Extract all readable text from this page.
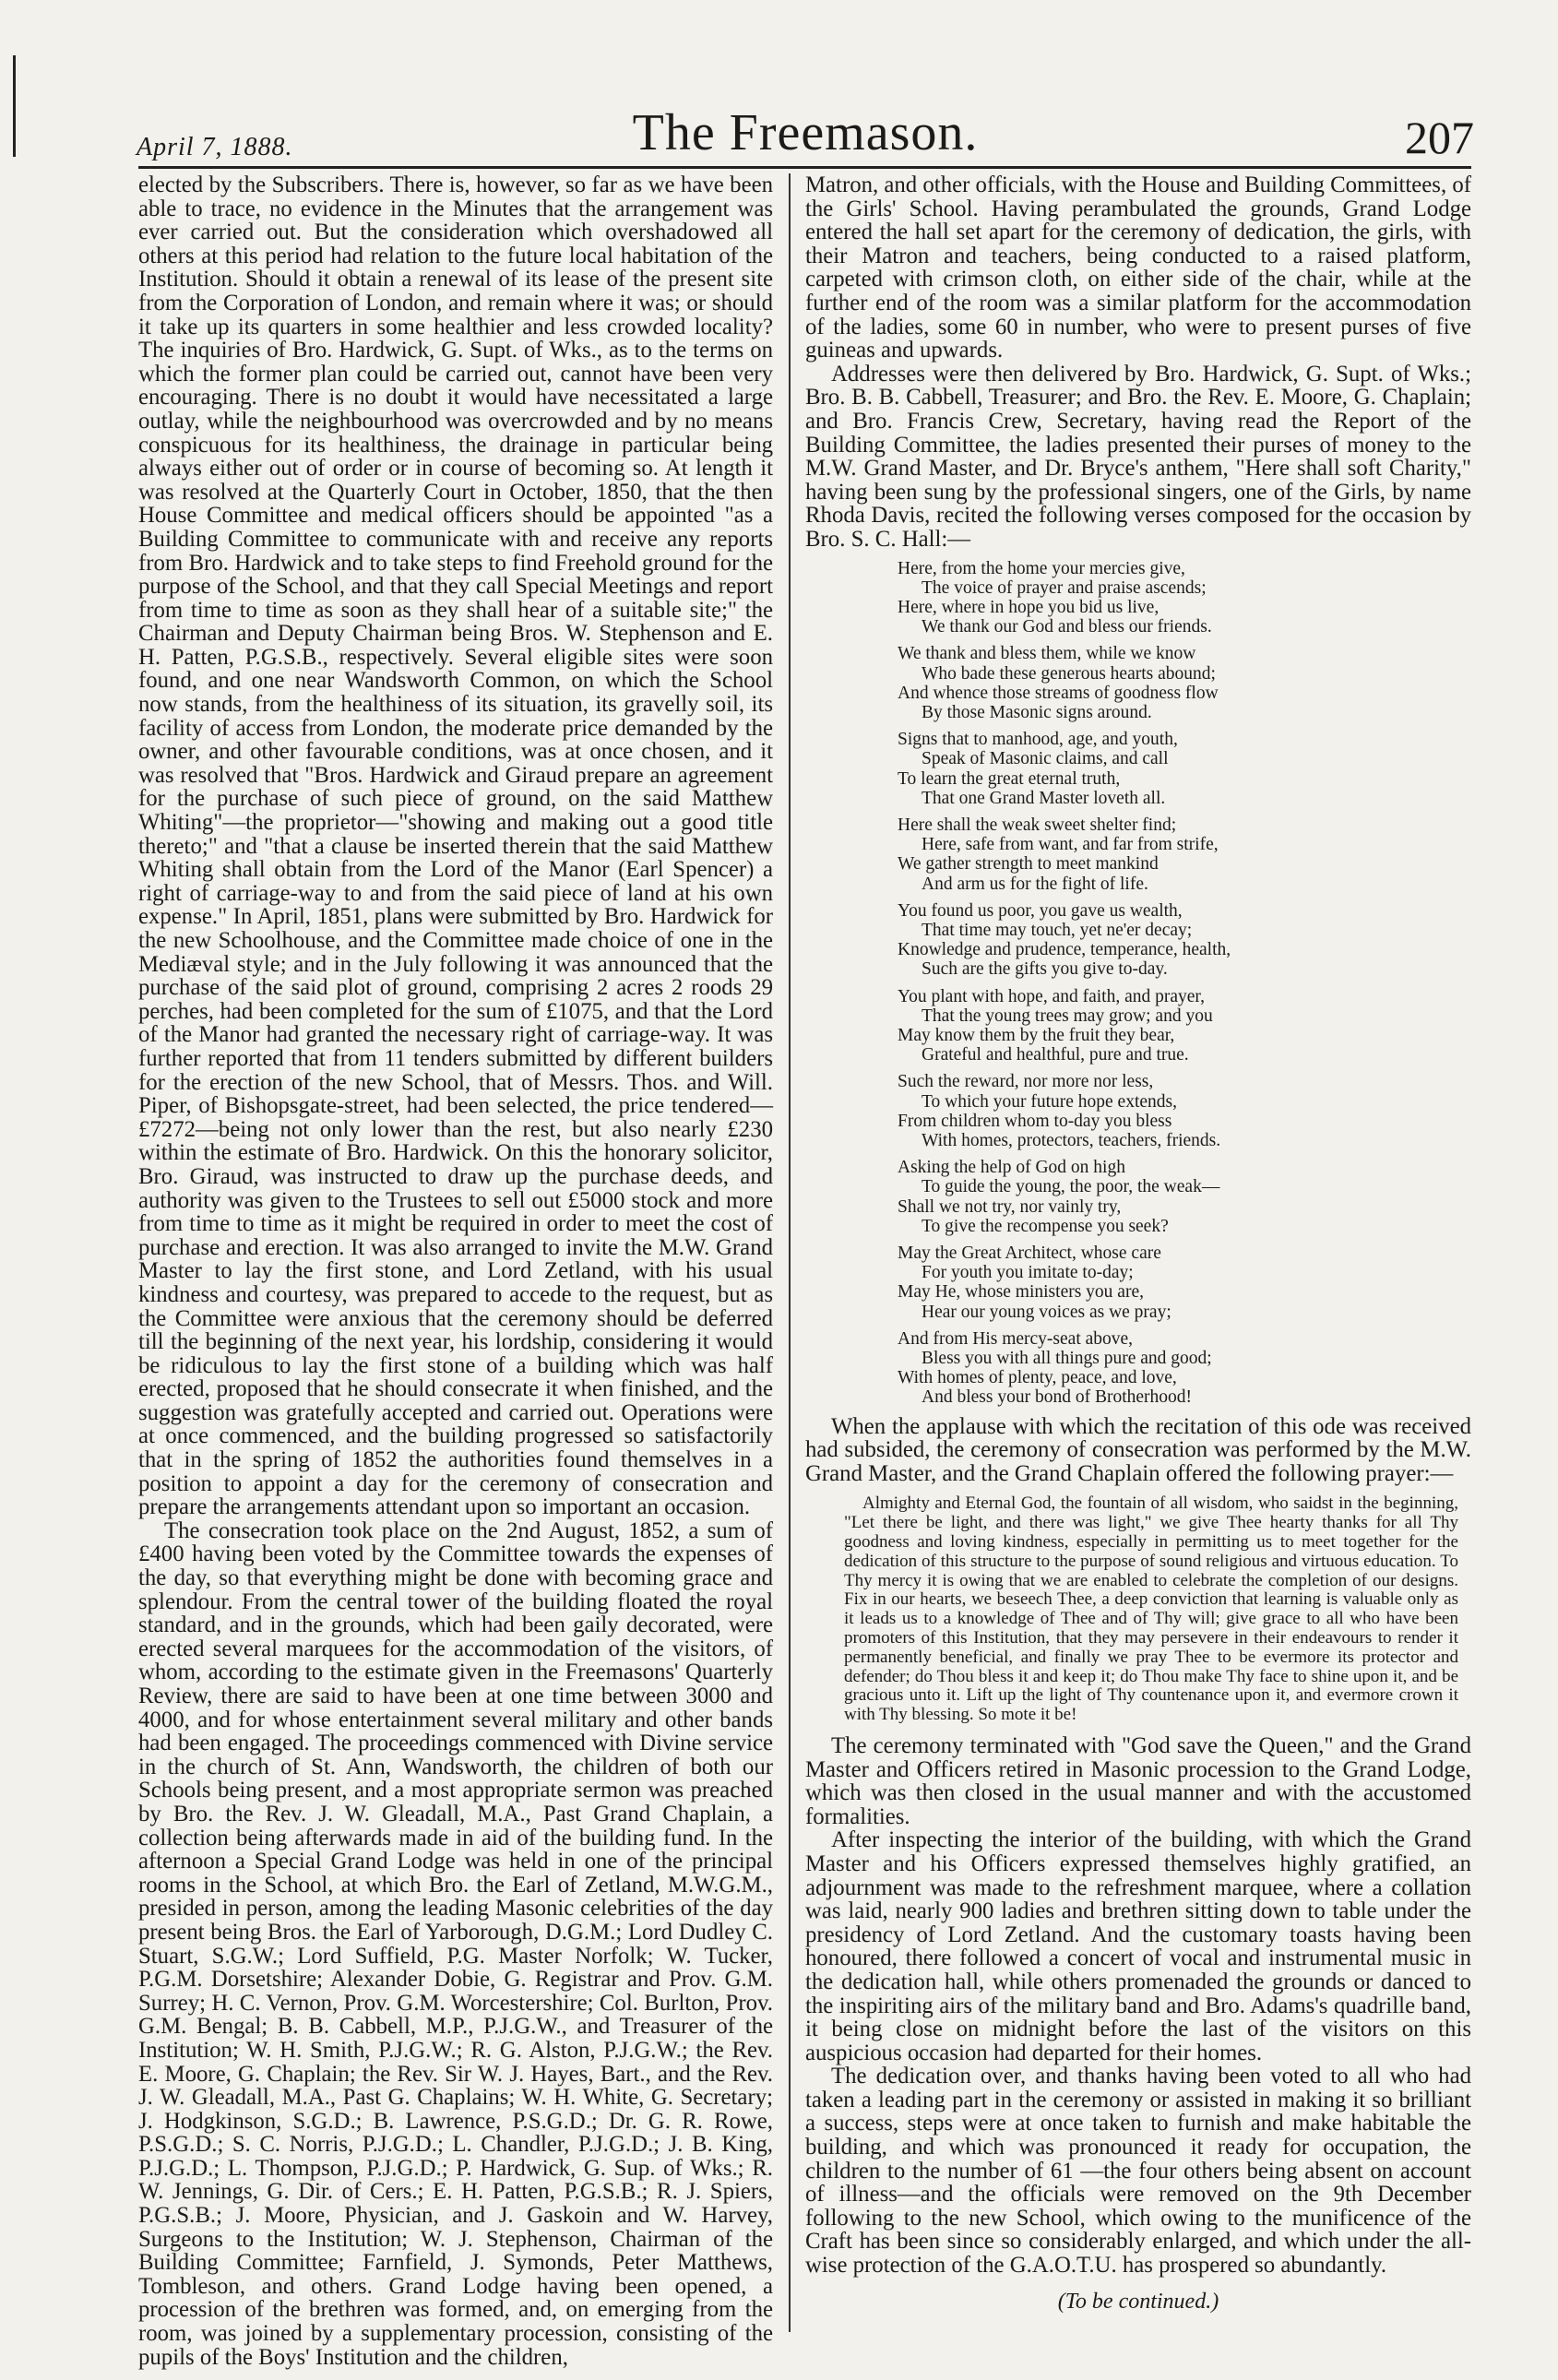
April 7, 1888.	The Freemason.	207

elected by the Subscribers. There is, however, so far as we have been able to trace, no evidence in the Minutes that the arrangement was ever carried out. But the consideration which overshadowed all others at this period had relation to the future local habitation of the Institution. Should it obtain a renewal of its lease of the present site from the Corporation of London, and remain where it was; or should it take up its quarters in some healthier and less crowded locality? The inquiries of Bro. Hardwick, G. Supt. of Wks., as to the terms on which the former plan could be carried out, cannot have been very encouraging. There is no doubt it would have necessitated a large outlay, while the neighbourhood was overcrowded and by no means conspicuous for its healthiness, the drainage in particular being always either out of order or in course of becoming so. At length it was resolved at the Quarterly Court in October, 1850, that the then House Committee and medical officers should be appointed "as a Building Committee to communicate with and receive any reports from Bro. Hardwick and to take steps to find Freehold ground for the purpose of the School, and that they call Special Meetings and report from time to time as soon as they shall hear of a suitable site;" the Chairman and Deputy Chairman being Bros. W. Stephenson and E. H. Patten, P.G.S.B., respectively. Several eligible sites were soon found, and one near Wandsworth Common, on which the School now stands, from the healthiness of its situation, its gravelly soil, its facility of access from London, the moderate price demanded by the owner, and other favourable conditions, was at once chosen, and it was resolved that "Bros. Hardwick and Giraud prepare an agreement for the purchase of such piece of ground, on the said Matthew Whiting"—the proprietor—"showing and making out a good title thereto;" and "that a clause be inserted therein that the said Matthew Whiting shall obtain from the Lord of the Manor (Earl Spencer) a right of carriage-way to and from the said piece of land at his own expense." In April, 1851, plans were submitted by Bro. Hardwick for the new Schoolhouse, and the Committee made choice of one in the Mediæval style; and in the July following it was announced that the purchase of the said plot of ground, comprising 2 acres 2 roods 29 perches, had been completed for the sum of £1075, and that the Lord of the Manor had granted the necessary right of carriage-way. It was further reported that from 11 tenders submitted by different builders for the erection of the new School, that of Messrs. Thos. and Will. Piper, of Bishopsgate-street, had been selected, the price tendered—£7272—being not only lower than the rest, but also nearly £230 within the estimate of Bro. Hardwick. On this the honorary solicitor, Bro. Giraud, was instructed to draw up the purchase deeds, and authority was given to the Trustees to sell out £5000 stock and more from time to time as it might be required in order to meet the cost of purchase and erection. It was also arranged to invite the M.W. Grand Master to lay the first stone, and Lord Zetland, with his usual kindness and courtesy, was prepared to accede to the request, but as the Committee were anxious that the ceremony should be deferred till the beginning of the next year, his lordship, considering it would be ridiculous to lay the first stone of a building which was half erected, proposed that he should consecrate it when finished, and the suggestion was gratefully accepted and carried out. Operations were at once commenced, and the building progressed so satisfactorily that in the spring of 1852 the authorities found themselves in a position to appoint a day for the ceremony of consecration and prepare the arrangements attendant upon so important an occasion.

The consecration took place on the 2nd August, 1852, a sum of £400 having been voted by the Committee towards the expenses of the day, so that everything might be done with becoming grace and splendour. From the central tower of the building floated the royal standard, and in the grounds, which had been gaily decorated, were erected several marquees for the accommodation of the visitors, of whom, according to the estimate given in the Freemasons' Quarterly Review, there are said to have been at one time between 3000 and 4000, and for whose entertainment several military and other bands had been engaged. The proceedings commenced with Divine service in the church of St. Ann, Wandsworth, the children of both our Schools being present, and a most appropriate sermon was preached by Bro. the Rev. J. W. Gleadall, M.A., Past Grand Chaplain, a collection being afterwards made in aid of the building fund. In the afternoon a Special Grand Lodge was held in one of the principal rooms in the School, at which Bro. the Earl of Zetland, M.W.G.M., presided in person, among the leading Masonic celebrities of the day present being Bros. the Earl of Yarborough, D.G.M.; Lord Dudley C. Stuart, S.G.W.; Lord Suffield, P.G. Master Norfolk; W. Tucker, P.G.M. Dorsetshire; Alexander Dobie, G. Registrar and Prov. G.M. Surrey; H. C. Vernon, Prov. G.M. Worcestershire; Col. Burlton, Prov. G.M. Bengal; B. B. Cabbell, M.P., P.J.G.W., and Treasurer of the Institution; W. H. Smith, P.J.G.W.; R. G. Alston, P.J.G.W.; the Rev. E. Moore, G. Chaplain; the Rev. Sir W. J. Hayes, Bart., and the Rev. J. W. Gleadall, M.A., Past G. Chaplains; W. H. White, G. Secretary; J. Hodgkinson, S.G.D.; B. Lawrence, P.S.G.D.; Dr. G. R. Rowe, P.S.G.D.; S. C. Norris, P.J.G.D.; L. Chandler, P.J.G.D.; J. B. King, P.J.G.D.; L. Thompson, P.J.G.D.; P. Hardwick, G. Sup. of Wks.; R. W. Jennings, G. Dir. of Cers.; E. H. Patten, P.G.S.B.; R. J. Spiers, P.G.S.B.; J. Moore, Physician, and J. Gaskoin and W. Harvey, Surgeons to the Institution; W. J. Stephenson, Chairman of the Building Committee; Farnfield, J. Symonds, Peter Matthews, Tombleson, and others. Grand Lodge having been opened, a procession of the brethren was formed, and, on emerging from the room, was joined by a supplementary procession, consisting of the pupils of the Boys' Institution and the children,

Matron, and other officials, with the House and Building Committees, of the Girls' School. Having perambulated the grounds, Grand Lodge entered the hall set apart for the ceremony of dedication, the girls, with their Matron and teachers, being conducted to a raised platform, carpeted with crimson cloth, on either side of the chair, while at the further end of the room was a similar platform for the accommodation of the ladies, some 60 in number, who were to present purses of five guineas and upwards.

Addresses were then delivered by Bro. Hardwick, G. Supt. of Wks.; Bro. B. B. Cabbell, Treasurer; and Bro. the Rev. E. Moore, G. Chaplain; and Bro. Francis Crew, Secretary, having read the Report of the Building Committee, the ladies presented their purses of money to the M.W. Grand Master, and Dr. Bryce's anthem, "Here shall soft Charity," having been sung by the professional singers, one of the Girls, by name Rhoda Davis, recited the following verses composed for the occasion by Bro. S. C. Hall:—

Here, from the home your mercies give,
The voice of prayer and praise ascends;
Here, where in hope you bid us live,
We thank our God and bless our friends.
We thank and bless them, while we know
Who bade these generous hearts abound;
And whence those streams of goodness flow
By those Masonic signs around.
Signs that to manhood, age, and youth,
Speak of Masonic claims, and call
To learn the great eternal truth,
That one Grand Master loveth all.
Here shall the weak sweet shelter find;
Here, safe from want, and far from strife,
We gather strength to meet mankind
And arm us for the fight of life.
You found us poor, you gave us wealth,
That time may touch, yet ne'er decay;
Knowledge and prudence, temperance, health,
Such are the gifts you give to-day.
You plant with hope, and faith, and prayer,
That the young trees may grow; and you
May know them by the fruit they bear,
Grateful and healthful, pure and true.
Such the reward, nor more nor less,
To which your future hope extends,
From children whom to-day you bless
With homes, protectors, teachers, friends.
Asking the help of God on high
To guide the young, the poor, the weak—
Shall we not try, nor vainly try,
To give the recompense you seek?
May the Great Architect, whose care
For youth you imitate to-day;
May He, whose ministers you are,
Hear our young voices as we pray;
And from His mercy-seat above,
Bless you with all things pure and good;
With homes of plenty, peace, and love,
And bless your bond of Brotherhood!

When the applause with which the recitation of this ode was received had subsided, the ceremony of consecration was performed by the M.W. Grand Master, and the Grand Chaplain offered the following prayer:—

Almighty and Eternal God, the fountain of all wisdom, who saidst in the beginning, "Let there be light, and there was light," we give Thee hearty thanks for all Thy goodness and loving kindness, especially in permitting us to meet together for the dedication of this structure to the purpose of sound religious and virtuous education. To Thy mercy it is owing that we are enabled to celebrate the completion of our designs. Fix in our hearts, we beseech Thee, a deep conviction that learning is valuable only as it leads us to a knowledge of Thee and of Thy will; give grace to all who have been promoters of this Institution, that they may persevere in their endeavours to render it permanently beneficial, and finally we pray Thee to be evermore its protector and defender; do Thou bless it and keep it; do Thou make Thy face to shine upon it, and be gracious unto it. Lift up the light of Thy countenance upon it, and evermore crown it with Thy blessing. So mote it be!

The ceremony terminated with "God save the Queen," and the Grand Master and Officers retired in Masonic procession to the Grand Lodge, which was then closed in the usual manner and with the accustomed formalities.

After inspecting the interior of the building, with which the Grand Master and his Officers expressed themselves highly gratified, an adjournment was made to the refreshment marquee, where a collation was laid, nearly 900 ladies and brethren sitting down to table under the presidency of Lord Zetland. And the customary toasts having been honoured, there followed a concert of vocal and instrumental music in the dedication hall, while others promenaded the grounds or danced to the inspiriting airs of the military band and Bro. Adams's quadrille band, it being close on midnight before the last of the visitors on this auspicious occasion had departed for their homes.

The dedication over, and thanks having been voted to all who had taken a leading part in the ceremony or assisted in making it so brilliant a success, steps were at once taken to furnish and make habitable the building, and which was pronounced it ready for occupation, the children to the number of 61 —the four others being absent on account of illness—and the officials were removed on the 9th December following to the new School, which owing to the munificence of the Craft has been since so considerably enlarged, and which under the all-wise protection of the G.A.O.T.U. has prospered so abundantly.

(To be continued.)
